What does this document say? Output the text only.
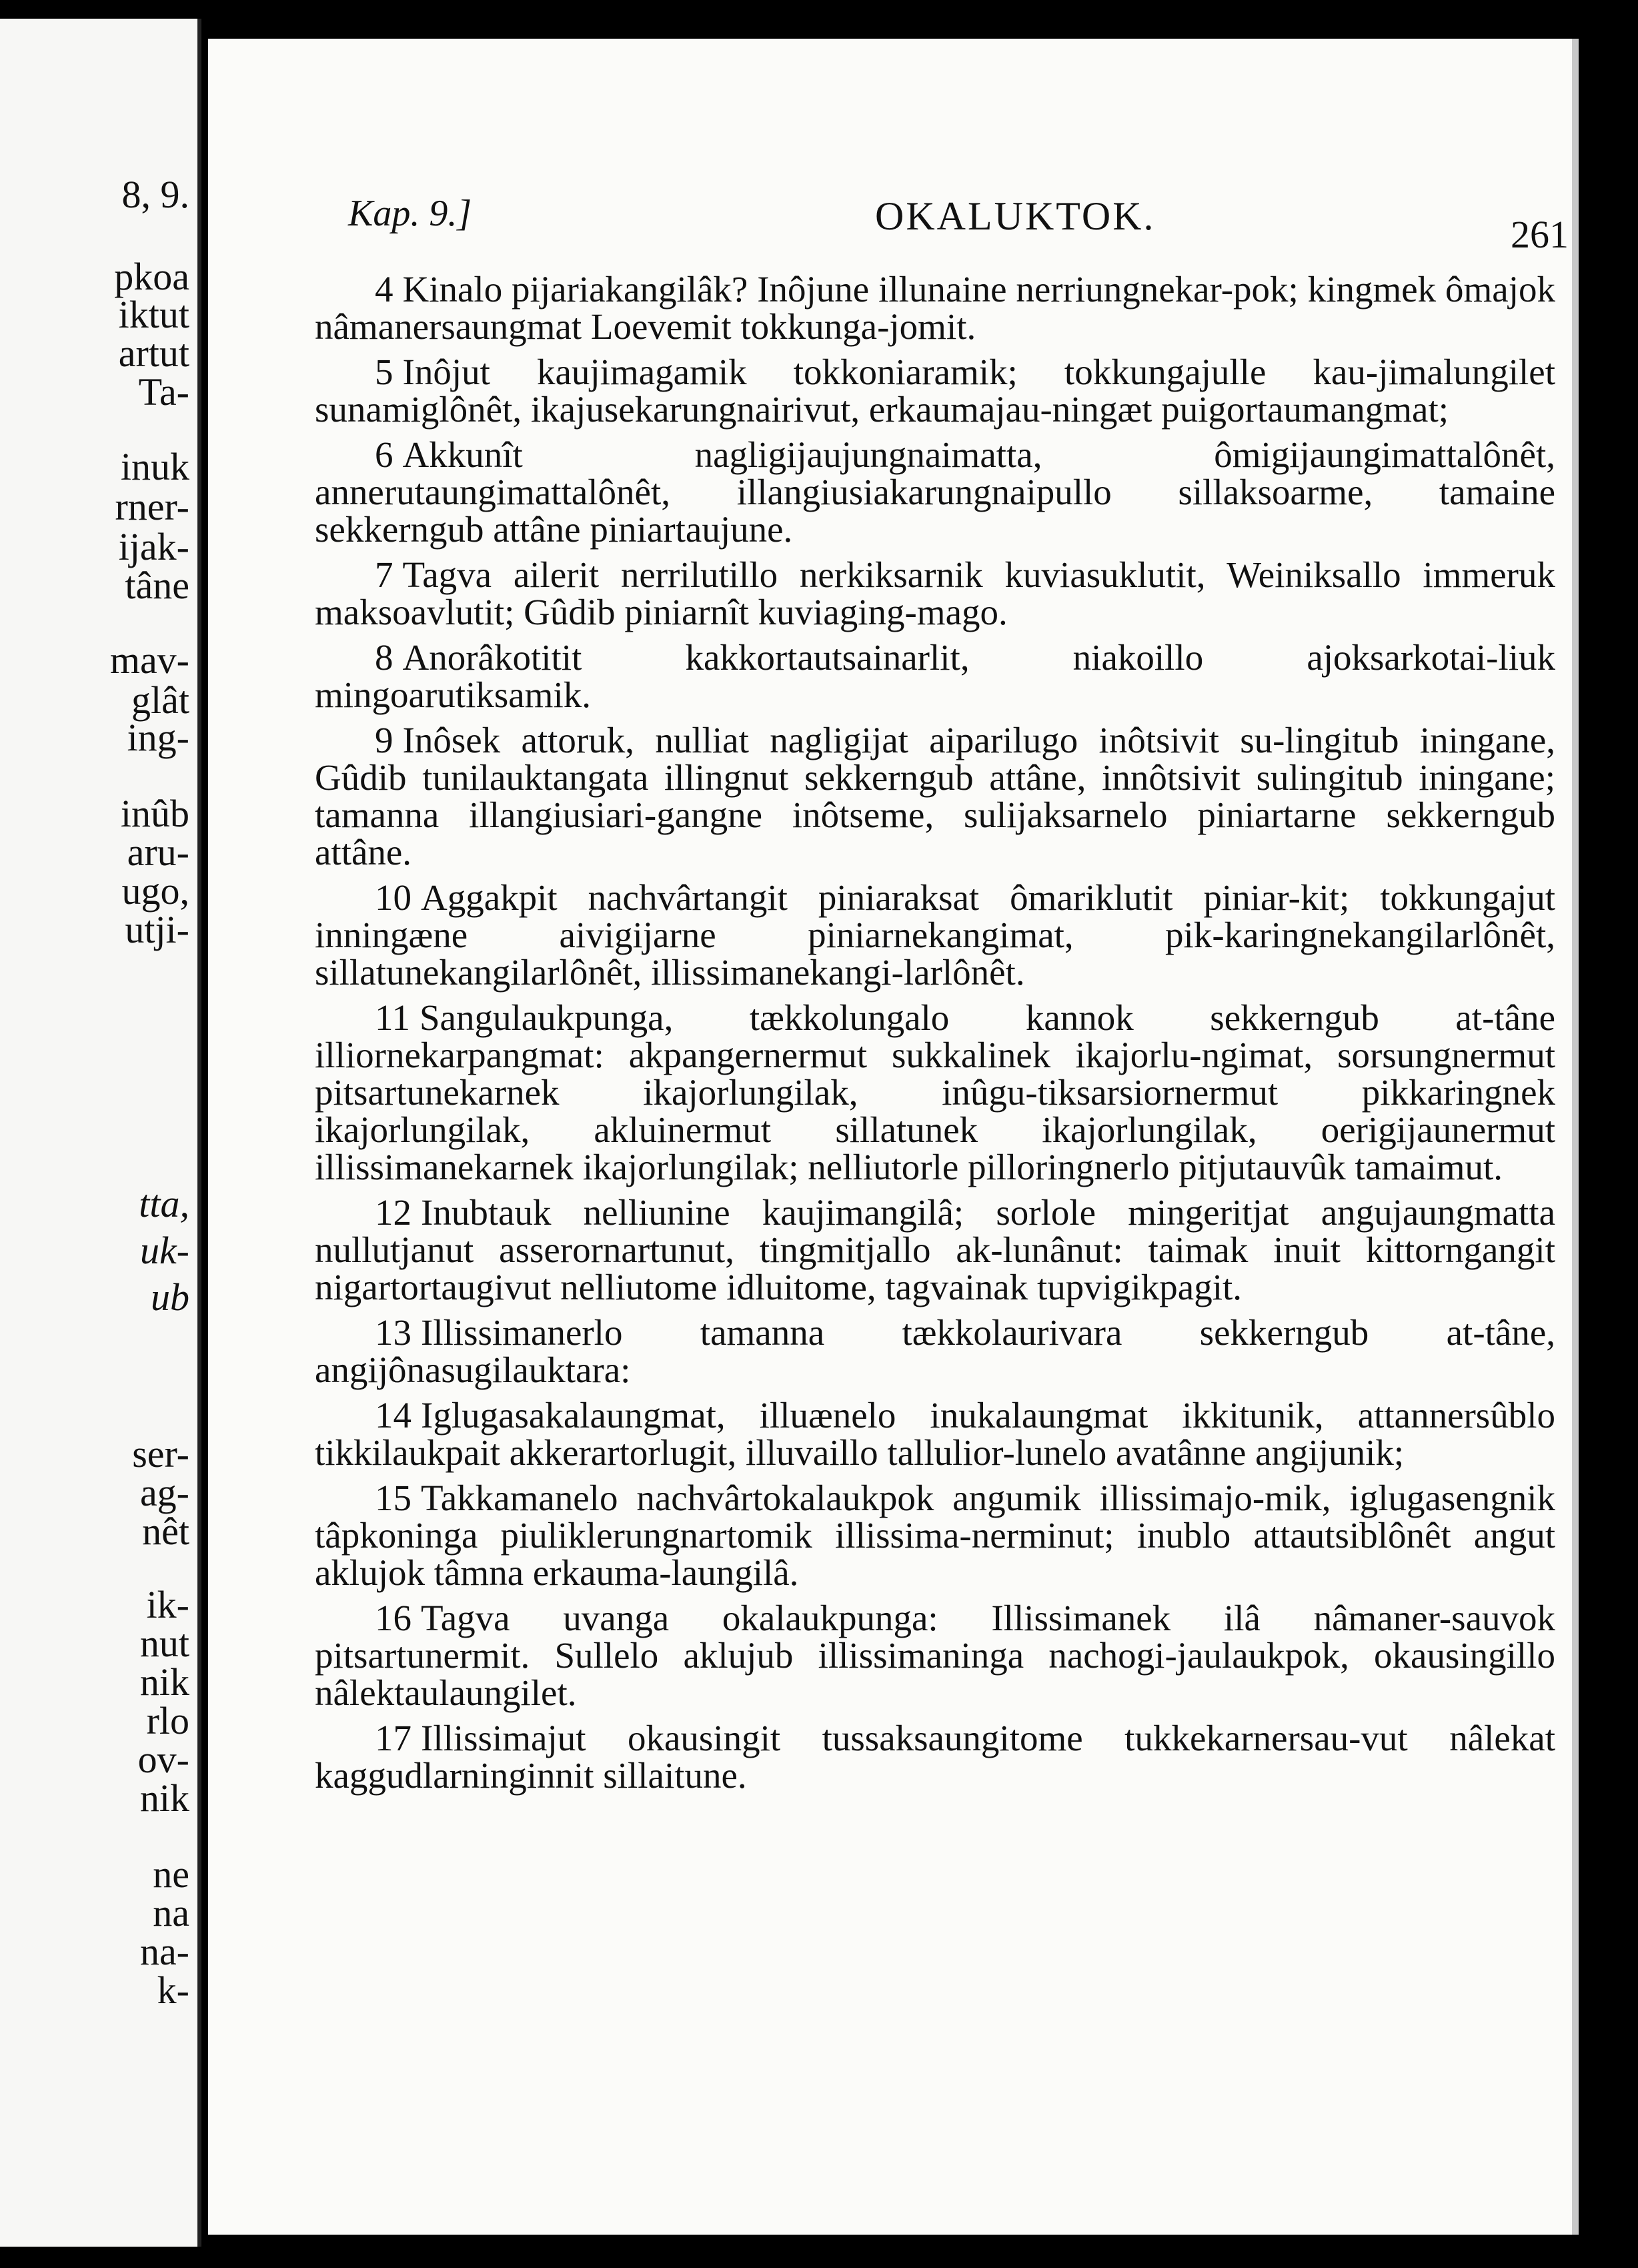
8, 9.
pkoa
iktut
artut
Ta-
inuk
rner-
ijak-
tâne
mav-
glât
ing-
inûb
aru-
ugo,
utji-
tta,
uk-
ub
ser-
ag-
nêt
ik-
nut
nik
rlo
ov-
nik
ne
na
na-
k-
Kap. 9.]	OKALUKTOK.	261

4 Kinalo pijariakangilâk? Inôjune illunaine nerriungnekar-pok; kingmek ômajok nâmanersaungmat Loevemit tokkunga-jomit.

5 Inôjut kaujimagamik tokkoniaramik; tokkungajulle kau-jimalungilet sunamiglônêt, ikajusekarungnairivut, erkaumajau-ningæt puigortaumangmat;

6 Akkunît nagligijaujungnaimatta, ômigijaungimattalônêt, annerutaungimattalônêt, illangiusiakarungnaipullo sillaksoarme, tamaine sekkerngub attâne piniartaujune.

7 Tagva ailerit nerrilutillo nerkiksarnik kuviasuklutit, Weiniksallo immeruk maksoavlutit; Gûdib piniarnît kuviaging-mago.

8 Anorâkotitit kakkortautsainarlit, niakoillo ajoksarkotai-liuk mingoarutiksamik.

9 Inôsek attoruk, nulliat nagligijat aiparilugo inôtsivit su-lingitub iningane, Gûdib tunilauktangata illingnut sekkerngub attâne, innôtsivit sulingitub iningane; tamanna illangiusiari-gangne inôtseme, sulijaksarnelo piniartarne sekkerngub attâne.

10 Aggakpit nachvârtangit piniaraksat ômariklutit piniar-kit; tokkungajut inningæne aivigijarne piniarnekangimat, pik-karingnekangilarlônêt, sillatunekangilarlônêt, illissimanekangi-larlônêt.

11 Sangulaukpunga, tækkolungalo kannok sekkerngub at-tâne illiornekarpangmat: akpangernermut sukkalinek ikajorlu-ngimat, sorsungnermut pitsartunekarnek ikajorlungilak, inûgu-tiksarsiornermut pikkaringnek ikajorlungilak, akluinermut sillatunek ikajorlungilak, oerigijaunermut illissimanekarnek ikajorlungilak; nelliutorle pilloringnerlo pitjutauvûk tamaimut.

12 Inubtauk nelliunine kaujimangilâ; sorlole mingeritjat angujaungmatta nullutjanut asserornartunut, tingmitjallo ak-lunânut: taimak inuit kittorngangit nigartortaugivut nelliutome idluitome, tagvainak tupvigikpagit.

13 Illissimanerlo tamanna tækkolaurivara sekkerngub at-tâne, angijônasugilauktara:

14 Iglugasakalaungmat, illuænelo inukalaungmat ikkitunik, attannersûblo tikkilaukpait akkerartorlugit, illuvaillo tallulior-lunelo avatânne angijunik;

15 Takkamanelo nachvârtokalaukpok angumik illissimajo-mik, iglugasengnik tâpkoninga piuliklerungnartomik illissima-nerminut; inublo attautsiblônêt angut aklujok tâmna erkauma-laungilâ.

16 Tagva uvanga okalaukpunga: Illissimanek ilâ nâmaner-sauvok pitsartunermit. Sullelo aklujub illissimaninga nachogi-jaulaukpok, okausingillo nâlektaulaungilet.

17 Illissimajut okausingit tussaksaungitome tukkekarnersau-vut nâlekat kaggudlarninginnit sillaitune.
